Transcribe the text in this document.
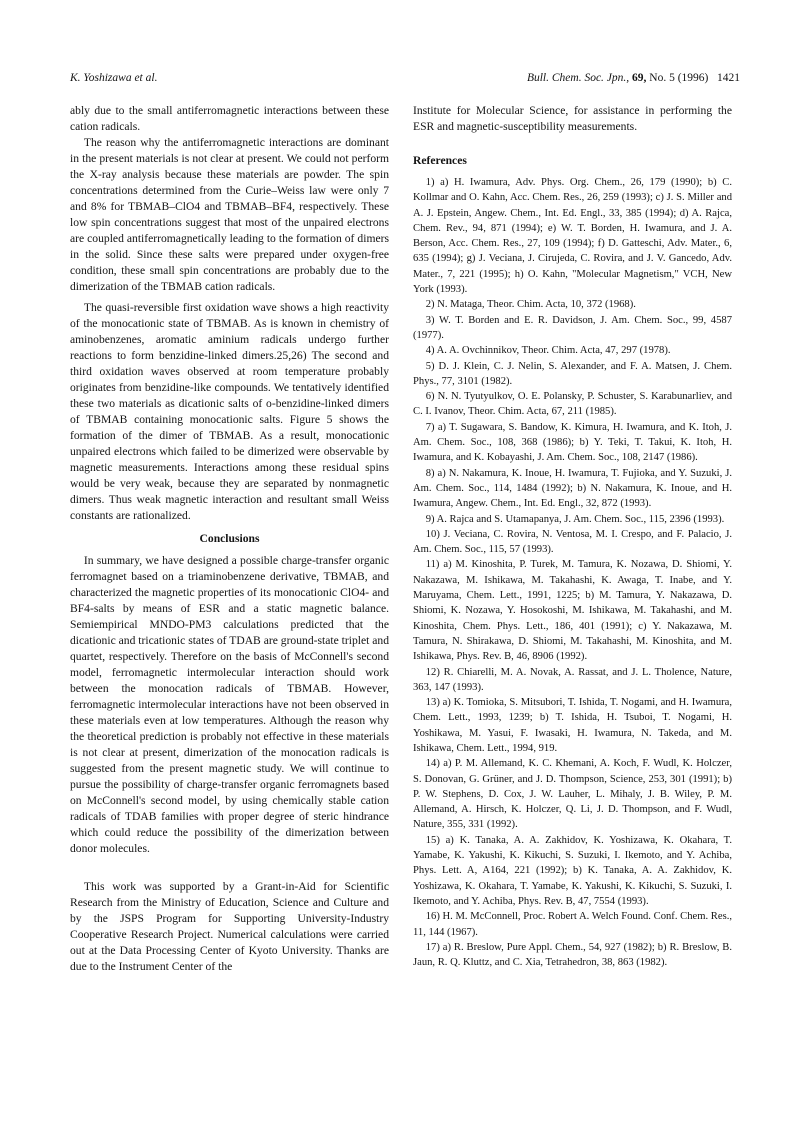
K. Yoshizawa et al.	Bull. Chem. Soc. Jpn., 69, No. 5 (1996) 1421

ably due to the small antiferromagnetic interactions between these cation radicals.

The reason why the antiferromagnetic interactions are dominant in the present materials is not clear at present. We could not perform the X-ray analysis because these materials are powder. The spin concentrations determined from the Curie–Weiss law were only 7 and 8% for TBMAB–ClO4 and TBMAB–BF4, respectively. These low spin concentrations suggest that most of the unpaired electrons are coupled antiferromagnetically leading to the formation of dimers in the solid. Since these salts were prepared under oxygen-free condition, these small spin concentrations are probably due to the dimerization of the TBMAB cation radicals.

The quasi-reversible first oxidation wave shows a high reactivity of the monocationic state of TBMAB. As is known in chemistry of aminobenzenes, aromatic aminium radicals undergo further reactions to form benzidine-linked dimers.25,26) The second and third oxidation waves observed at room temperature probably originates from benzidine-like compounds. We tentatively identified these two materials as dicationic salts of o-benzidine-linked dimers of TBMAB containing monocationic salts. Figure 5 shows the formation of the dimer of TBMAB. As a result, monocationic unpaired electrons which failed to be dimerized were observable by magnetic measurements. Interactions among these residual spins would be very weak, because they are separated by nonmagnetic dimers. Thus weak magnetic interaction and resultant small Weiss constants are rationalized.

Conclusions

In summary, we have designed a possible charge-transfer organic ferromagnet based on a triaminobenzene derivative, TBMAB, and characterized the magnetic properties of its monocationic ClO4- and BF4-salts by means of ESR and a static magnetic balance. Semiempirical MNDO-PM3 calculations predicted that the dicationic and tricationic states of TDAB are ground-state triplet and quartet, respectively. Therefore on the basis of McConnell's second model, ferromagnetic intermolecular interaction should work between the monocation radicals of TBMAB. However, ferromagnetic intermolecular interactions have not been observed in these materials even at low temperatures. Although the reason why the theoretical prediction is probably not effective in these materials is not clear at present, dimerization of the monocation radicals is suggested from the present magnetic study. We will continue to pursue the possibility of charge-transfer organic ferromagnets based on McConnell's second model, by using chemically stable cation radicals of TDAB families with proper degree of steric hindrance which could reduce the possibility of the dimerization between donor molecules.

This work was supported by a Grant-in-Aid for Scientific Research from the Ministry of Education, Science and Culture and by the JSPS Program for Supporting University-Industry Cooperative Research Project. Numerical calculations were carried out at the Data Processing Center of Kyoto University. Thanks are due to the Instrument Center of the

Institute for Molecular Science, for assistance in performing the ESR and magnetic-susceptibility measurements.

References

1) a) H. Iwamura, Adv. Phys. Org. Chem., 26, 179 (1990); b) C. Kollmar and O. Kahn, Acc. Chem. Res., 26, 259 (1993); c) J. S. Miller and A. J. Epstein, Angew. Chem., Int. Ed. Engl., 33, 385 (1994); d) A. Rajca, Chem. Rev., 94, 871 (1994); e) W. T. Borden, H. Iwamura, and J. A. Berson, Acc. Chem. Res., 27, 109 (1994); f) D. Gatteschi, Adv. Mater., 6, 635 (1994); g) J. Veciana, J. Cirujeda, C. Rovira, and J. V. Gancedo, Adv. Mater., 7, 221 (1995); h) O. Kahn, "Molecular Magnetism," VCH, New York (1993).

2) N. Mataga, Theor. Chim. Acta, 10, 372 (1968).

3) W. T. Borden and E. R. Davidson, J. Am. Chem. Soc., 99, 4587 (1977).

4) A. A. Ovchinnikov, Theor. Chim. Acta, 47, 297 (1978).

5) D. J. Klein, C. J. Nelin, S. Alexander, and F. A. Matsen, J. Chem. Phys., 77, 3101 (1982).

6) N. N. Tyutyulkov, O. E. Polansky, P. Schuster, S. Karabunarliev, and C. I. Ivanov, Theor. Chim. Acta, 67, 211 (1985).

7) a) T. Sugawara, S. Bandow, K. Kimura, H. Iwamura, and K. Itoh, J. Am. Chem. Soc., 108, 368 (1986); b) Y. Teki, T. Takui, K. Itoh, H. Iwamura, and K. Kobayashi, J. Am. Chem. Soc., 108, 2147 (1986).

8) a) N. Nakamura, K. Inoue, H. Iwamura, T. Fujioka, and Y. Suzuki, J. Am. Chem. Soc., 114, 1484 (1992); b) N. Nakamura, K. Inoue, and H. Iwamura, Angew. Chem., Int. Ed. Engl., 32, 872 (1993).

9) A. Rajca and S. Utamapanya, J. Am. Chem. Soc., 115, 2396 (1993).

10) J. Veciana, C. Rovira, N. Ventosa, M. I. Crespo, and F. Palacio, J. Am. Chem. Soc., 115, 57 (1993).

11) a) M. Kinoshita, P. Turek, M. Tamura, K. Nozawa, D. Shiomi, Y. Nakazawa, M. Ishikawa, M. Takahashi, K. Awaga, T. Inabe, and Y. Maruyama, Chem. Lett., 1991, 1225; b) M. Tamura, Y. Nakazawa, D. Shiomi, K. Nozawa, Y. Hosokoshi, M. Ishikawa, M. Takahashi, and M. Kinoshita, Chem. Phys. Lett., 186, 401 (1991); c) Y. Nakazawa, M. Tamura, N. Shirakawa, D. Shiomi, M. Takahashi, M. Kinoshita, and M. Ishikawa, Phys. Rev. B, 46, 8906 (1992).

12) R. Chiarelli, M. A. Novak, A. Rassat, and J. L. Tholence, Nature, 363, 147 (1993).

13) a) K. Tomioka, S. Mitsubori, T. Ishida, T. Nogami, and H. Iwamura, Chem. Lett., 1993, 1239; b) T. Ishida, H. Tsuboi, T. Nogami, H. Yoshikawa, M. Yasui, F. Iwasaki, H. Iwamura, N. Takeda, and M. Ishikawa, Chem. Lett., 1994, 919.

14) a) P. M. Allemand, K. C. Khemani, A. Koch, F. Wudl, K. Holczer, S. Donovan, G. Grüner, and J. D. Thompson, Science, 253, 301 (1991); b) P. W. Stephens, D. Cox, J. W. Lauher, L. Mihaly, J. B. Wiley, P. M. Allemand, A. Hirsch, K. Holczer, Q. Li, J. D. Thompson, and F. Wudl, Nature, 355, 331 (1992).

15) a) K. Tanaka, A. A. Zakhidov, K. Yoshizawa, K. Okahara, T. Yamabe, K. Yakushi, K. Kikuchi, S. Suzuki, I. Ikemoto, and Y. Achiba, Phys. Lett. A, A164, 221 (1992); b) K. Tanaka, A. A. Zakhidov, K. Yoshizawa, K. Okahara, T. Yamabe, K. Yakushi, K. Kikuchi, S. Suzuki, I. Ikemoto, and Y. Achiba, Phys. Rev. B, 47, 7554 (1993).

16) H. M. McConnell, Proc. Robert A. Welch Found. Conf. Chem. Res., 11, 144 (1967).

17) a) R. Breslow, Pure Appl. Chem., 54, 927 (1982); b) R. Breslow, B. Jaun, R. Q. Kluttz, and C. Xia, Tetrahedron, 38, 863 (1982).
